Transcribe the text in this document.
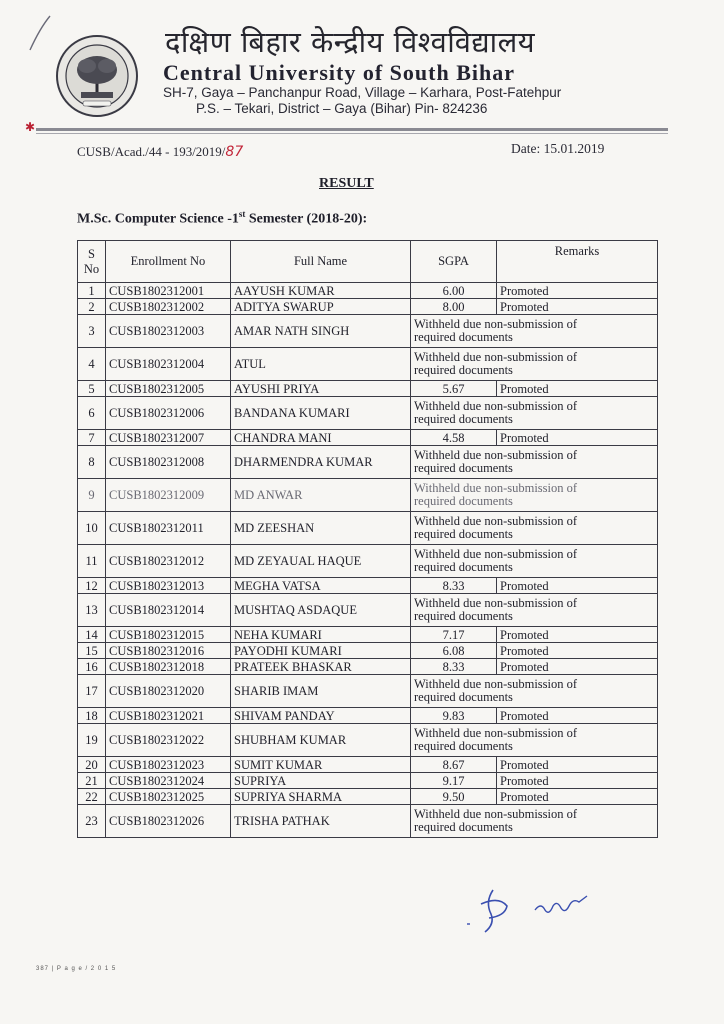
दक्षिण बिहार केन्द्रीय विश्वविद्यालय
Central University of South Bihar
SH-7, Gaya – Panchanpur Road, Village – Karhara, Post-Fatehpur
P.S. – Tekari, District – Gaya (Bihar) Pin- 824236
✱
CUSB/Acad./44 - 193/2019/87	Date: 15.01.2019
RESULT
M.Sc. Computer Science -1st Semester (2018-20):
S
No	Enrollment No	Full Name	SGPA	Remarks
1	CUSB1802312001	AAYUSH KUMAR	6.00	Promoted
2	CUSB1802312002	ADITYA SWARUP	8.00	Promoted
3	CUSB1802312003	AMAR NATH SINGH	Withheld due non-submission of
required documents	
4	CUSB1802312004	ATUL	Withheld due non-submission of
required documents	
5	CUSB1802312005	AYUSHI PRIYA	5.67	Promoted
6	CUSB1802312006	BANDANA KUMARI	Withheld due non-submission of
required documents	
7	CUSB1802312007	CHANDRA MANI	4.58	Promoted
8	CUSB1802312008	DHARMENDRA KUMAR	Withheld due non-submission of
required documents	
9	CUSB1802312009	MD ANWAR	Withheld due non-submission of
required documents	
10	CUSB1802312011	MD ZEESHAN	Withheld due non-submission of
required documents	
11	CUSB1802312012	MD ZEYAUAL HAQUE	Withheld due non-submission of
required documents	
12	CUSB1802312013	MEGHA VATSA	8.33	Promoted
13	CUSB1802312014	MUSHTAQ ASDAQUE	Withheld due non-submission of
required documents	
14	CUSB1802312015	NEHA KUMARI	7.17	Promoted
15	CUSB1802312016	PAYODHI KUMARI	6.08	Promoted
16	CUSB1802312018	PRATEEK BHASKAR	8.33	Promoted
17	CUSB1802312020	SHARIB IMAM	Withheld due non-submission of
required documents	
18	CUSB1802312021	SHIVAM PANDAY	9.83	Promoted
19	CUSB1802312022	SHUBHAM KUMAR	Withheld due non-submission of
required documents	
20	CUSB1802312023	SUMIT KUMAR	8.67	Promoted
21	CUSB1802312024	SUPRIYA	9.17	Promoted
22	CUSB1802312025	SUPRIYA SHARMA	9.50	Promoted
23	CUSB1802312026	TRISHA PATHAK	Withheld due non-submission of
required documents	
387 | P a g e / 2 0 1 5
